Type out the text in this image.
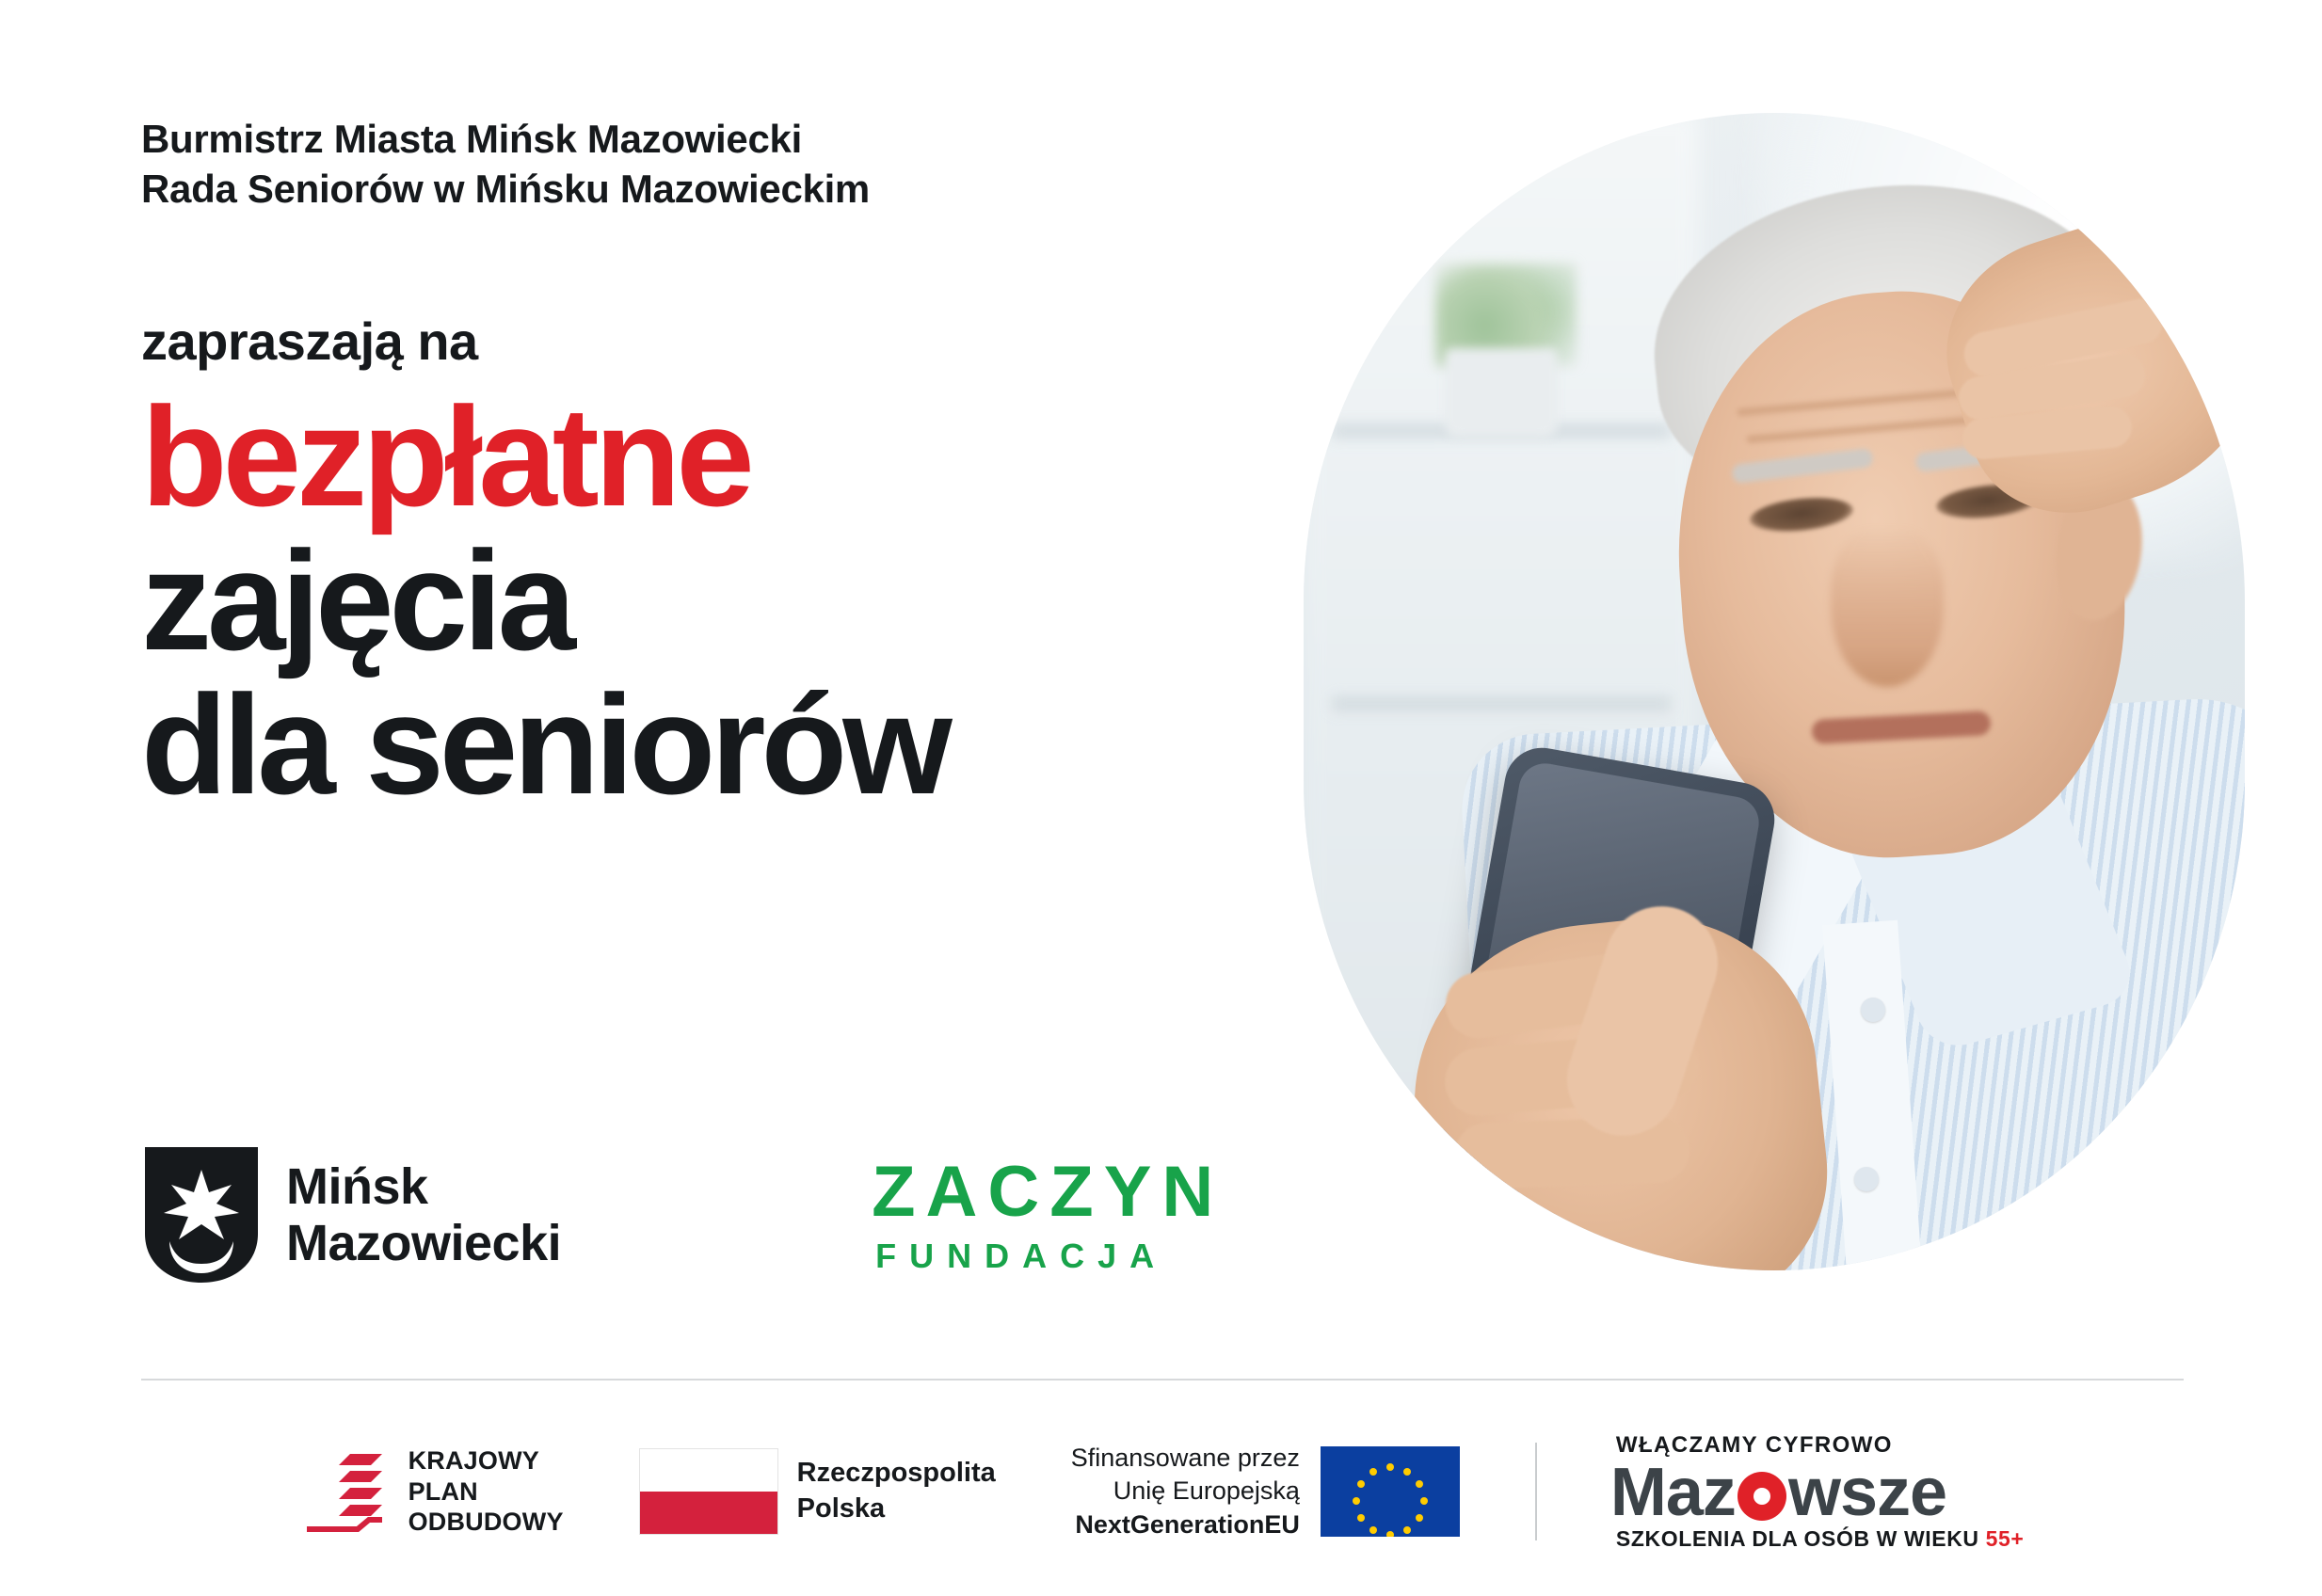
Burmistrz Miasta Mińsk Mazowiecki
Rada Seniorów w Mińsku Mazowieckim
zapraszają na
bezpłatne
zajęcia
dla seniorów
Mińsk
Mazowiecki
ZACZYN
FUNDACJA
KRAJOWY
PLAN
ODBUDOWY
Rzeczpospolita
Polska
Sfinansowane przez
Unię Europejską
NextGenerationEU
WŁĄCZAMY CYFROWO
Maz wsze
SZKOLENIA DLA OSÓB W WIEKU 55+
